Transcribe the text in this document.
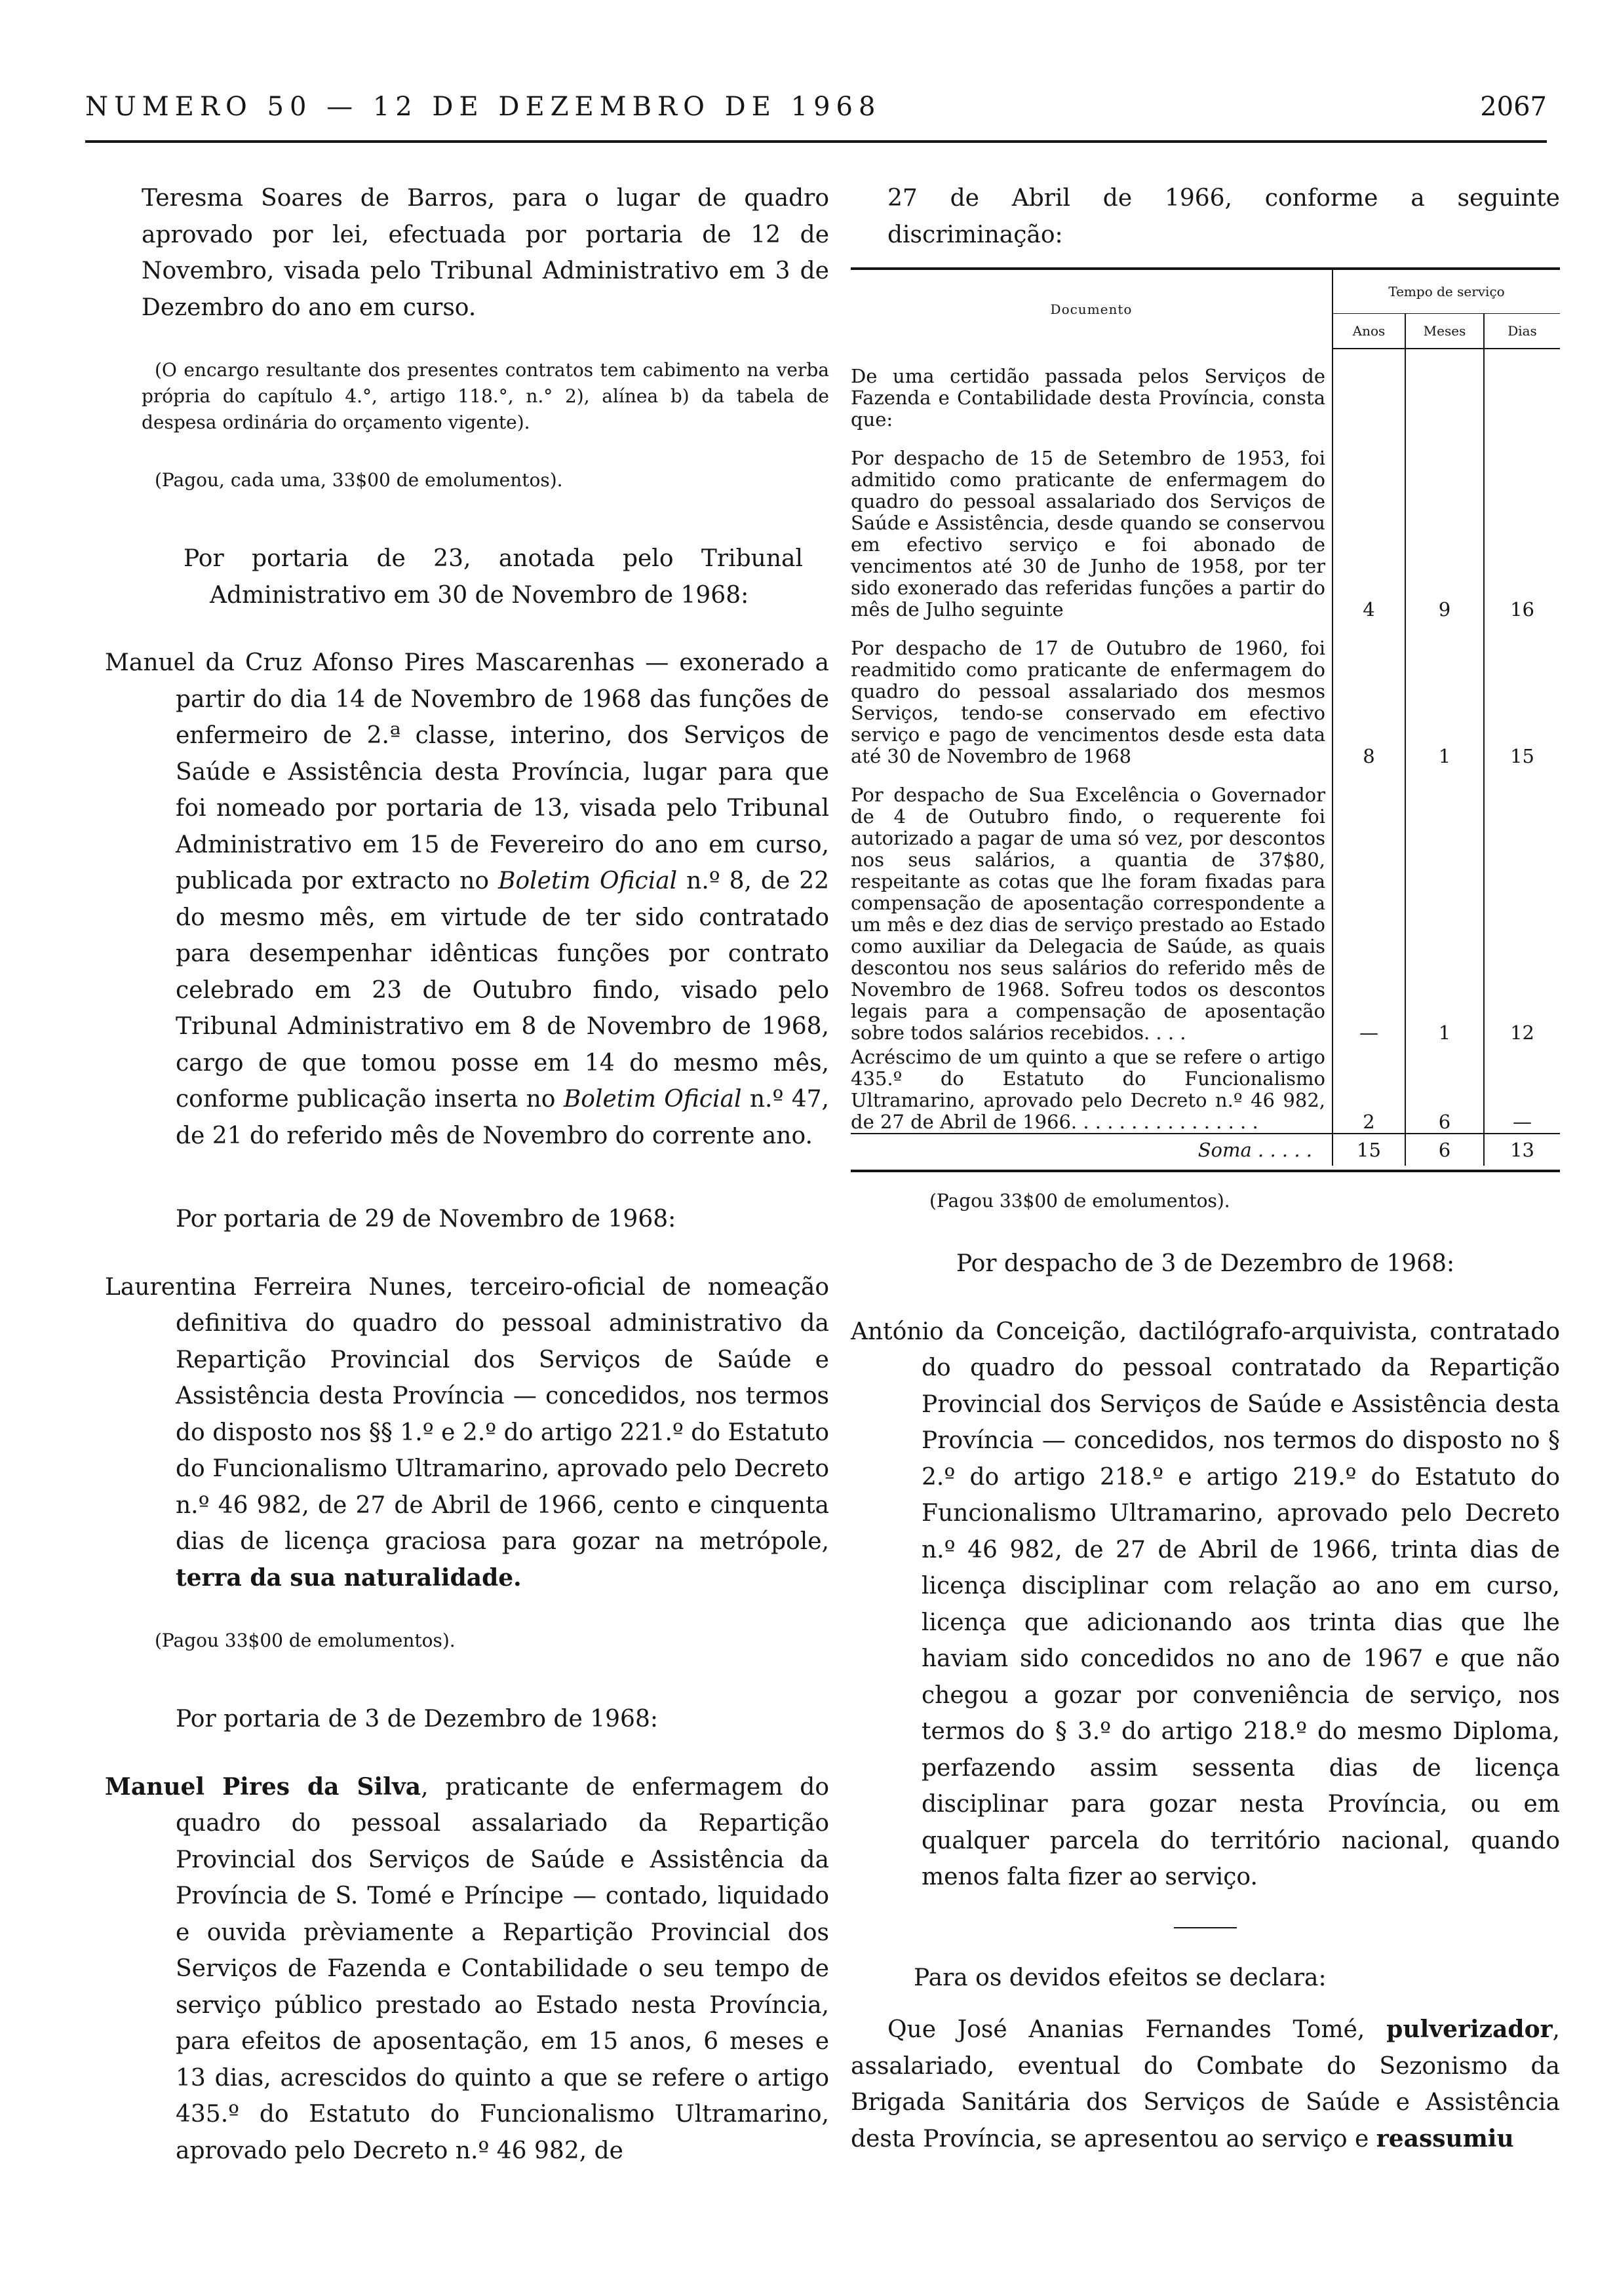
NUMERO 50 — 12 DE DEZEMBRO DE 1968	2067

Teresma Soares de Barros, para o lugar de quadro aprovado por lei, efectuada por portaria de 12 de Novembro, visada pelo Tribunal Administrativo em 3 de Dezembro do ano em curso.

(O encargo resultante dos presentes contratos tem cabimento na verba própria do capítulo 4.°, artigo 118.°, n.° 2), alínea b) da tabela de despesa ordinária do orçamento vigente).

(Pagou, cada uma, 33$00 de emolumentos).

Por portaria de 23, anotada pelo Tribunal Administrativo em 30 de Novembro de 1968:

Manuel da Cruz Afonso Pires Mascarenhas — exonerado a partir do dia 14 de Novembro de 1968 das funções de enfermeiro de 2.ª classe, interino, dos Serviços de Saúde e Assistência desta Província, lugar para que foi nomeado por portaria de 13, visada pelo Tribunal Administrativo em 15 de Fevereiro do ano em curso, publicada por extracto no Boletim Oficial n.º 8, de 22 do mesmo mês, em virtude de ter sido contratado para desempenhar idênticas funções por contrato celebrado em 23 de Outubro findo, visado pelo Tribunal Administrativo em 8 de Novembro de 1968, cargo de que tomou posse em 14 do mesmo mês, conforme publicação inserta no Boletim Oficial n.º 47, de 21 do referido mês de Novembro do corrente ano.

Por portaria de 29 de Novembro de 1968:

Laurentina Ferreira Nunes, terceiro-oficial de nomeação definitiva do quadro do pessoal administrativo da Repartição Provincial dos Serviços de Saúde e Assistência desta Província — concedidos, nos termos do disposto nos §§ 1.º e 2.º do artigo 221.º do Estatuto do Funcionalismo Ultramarino, aprovado pelo Decreto n.º 46 982, de 27 de Abril de 1966, cento e cinquenta dias de licença graciosa para gozar na metrópole, terra da sua naturalidade.

(Pagou 33$00 de emolumentos).

Por portaria de 3 de Dezembro de 1968:

Manuel Pires da Silva, praticante de enfermagem do quadro do pessoal assalariado da Repartição Provincial dos Serviços de Saúde e Assistência da Província de S. Tomé e Príncipe — contado, liquidado e ouvida prèviamente a Repartição Provincial dos Serviços de Fazenda e Contabilidade o seu tempo de serviço público prestado ao Estado nesta Província, para efeitos de aposentação, em 15 anos, 6 meses e 13 dias, acrescidos do quinto a que se refere o artigo 435.º do Estatuto do Funcionalismo Ultramarino, aprovado pelo Decreto n.º 46 982, de

27 de Abril de 1966, conforme a seguinte discriminação:

Documento	Tempo de serviço		
	Anos	Meses	Dias
De uma certidão passada pelos Serviços de Fazenda e Contabilidade desta Província, consta que:			
Por despacho de 15 de Setembro de 1953, foi admitido como praticante de enfermagem do quadro do pessoal assalariado dos Serviços de Saúde e Assistência, desde quando se conservou em efectivo serviço e foi abonado de vencimentos até 30 de Junho de 1958, por ter sido exonerado das referidas funções a partir do mês de Julho seguinte	4	9	16
Por despacho de 17 de Outubro de 1960, foi readmitido como praticante de enfermagem do quadro do pessoal assalariado dos mesmos Serviços, tendo-se conservado em efectivo serviço e pago de vencimentos desde esta data até 30 de Novembro de 1968	8	1	15
Por despacho de Sua Excelência o Governador de 4 de Outubro findo, o requerente foi autorizado a pagar de uma só vez, por descontos nos seus salários, a quantia de 37$80, respeitante as cotas que lhe foram fixadas para compensação de aposentação correspondente a um mês e dez dias de serviço prestado ao Estado como auxiliar da Delegacia de Saúde, as quais descontou nos seus salários do referido mês de Novembro de 1968. Sofreu todos os descontos legais para a compensação de aposentação sobre todos salários recebidos. . . .	—	1	12
Acréscimo de um quinto a que se refere o artigo 435.º do Estatuto do Funcionalismo Ultramarino, aprovado pelo Decreto n.º 46 982, de 27 de Abril de 1966. . . . . . . . . . . . . . . .	2	6	—
Soma . . . . .	15	6	13

(Pagou 33$00 de emolumentos).

Por despacho de 3 de Dezembro de 1968:

António da Conceição, dactilógrafo-arquivista, contratado do quadro do pessoal contratado da Repartição Provincial dos Serviços de Saúde e Assistência desta Província — concedidos, nos termos do disposto no § 2.º do artigo 218.º e artigo 219.º do Estatuto do Funcionalismo Ultramarino, aprovado pelo Decreto n.º 46 982, de 27 de Abril de 1966, trinta dias de licença disciplinar com relação ao ano em curso, licença que adicionando aos trinta dias que lhe haviam sido concedidos no ano de 1967 e que não chegou a gozar por conveniência de serviço, nos termos do § 3.º do artigo 218.º do mesmo Diploma, perfazendo assim sessenta dias de licença disciplinar para gozar nesta Província, ou em qualquer parcela do território nacional, quando menos falta fizer ao serviço.

Para os devidos efeitos se declara:

Que José Ananias Fernandes Tomé, pulverizador, assalariado, eventual do Combate do Sezonismo da Brigada Sanitária dos Serviços de Saúde e Assistência desta Província, se apresentou ao serviço e reassumiu
